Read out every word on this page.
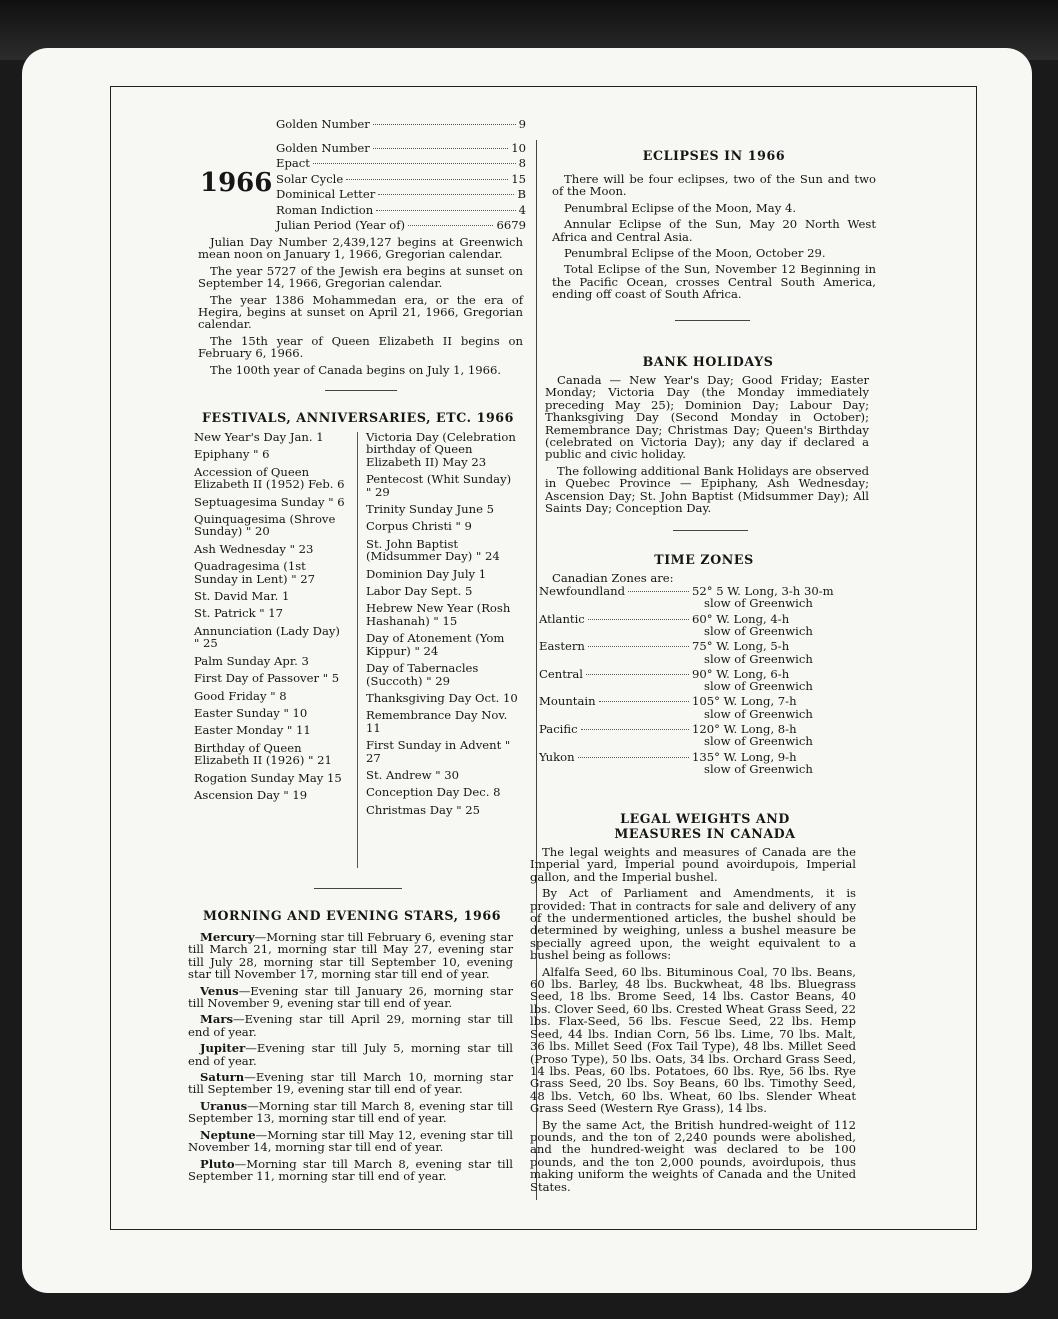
Golden Number	9
1966
Golden Number	10
Epact	8
Solar Cycle	15
Dominical Letter	B
Roman Indiction	4
Julian Period (Year of)	6679

Julian Day Number 2,439,127 begins at Greenwich mean noon on January 1, 1966, Gregorian calendar.

The year 5727 of the Jewish era begins at sunset on September 14, 1966, Gregorian calendar.

The year 1386 Mohammedan era, or the era of Hegira, begins at sunset on April 21, 1966, Gregorian calendar.

The 15th year of Queen Elizabeth II begins on February 6, 1966.

The 100th year of Canada begins on July 1, 1966.

FESTIVALS, ANNIVERSARIES, ETC. 1966

New Year's Day Jan. 1

Epiphany " 6

Accession of Queen Elizabeth II (1952) Feb. 6

Septuagesima Sunday " 6

Quinquagesima (Shrove Sunday) " 20

Ash Wednesday " 23

Quadragesima (1st Sunday in Lent) " 27

St. David Mar. 1

St. Patrick " 17

Annunciation (Lady Day) " 25

Palm Sunday Apr. 3

First Day of Passover " 5

Good Friday " 8

Easter Sunday " 10

Easter Monday " 11

Birthday of Queen Elizabeth II (1926) " 21

Rogation Sunday May 15

Ascension Day " 19

Victoria Day (Celebration birthday of Queen Elizabeth II) May 23

Pentecost (Whit Sunday) " 29

Trinity Sunday June 5

Corpus Christi " 9

St. John Baptist (Midsummer Day) " 24

Dominion Day July 1

Labor Day Sept. 5

Hebrew New Year (Rosh Hashanah) " 15

Day of Atonement (Yom Kippur) " 24

Day of Tabernacles (Succoth) " 29

Thanksgiving Day Oct. 10

Remembrance Day Nov. 11

First Sunday in Advent " 27

St. Andrew " 30

Conception Day Dec. 8

Christmas Day " 25

MORNING AND EVENING STARS, 1966

Mercury—Morning star till February 6, evening star till March 21, morning star till May 27, evening star till July 28, morning star till September 10, evening star till November 17, morning star till end of year.

Venus—Evening star till January 26, morning star till November 9, evening star till end of year.

Mars—Evening star till April 29, morning star till end of year.

Jupiter—Evening star till July 5, morning star till end of year.

Saturn—Evening star till March 10, morning star till September 19, evening star till end of year.

Uranus—Morning star till March 8, evening star till September 13, morning star till end of year.

Neptune—Morning star till May 12, evening star till November 14, morning star till end of year.

Pluto—Morning star till March 8, evening star till September 11, morning star till end of year.

ECLIPSES IN 1966

There will be four eclipses, two of the Sun and two of the Moon.

Penumbral Eclipse of the Moon, May 4.

Annular Eclipse of the Sun, May 20 North West Africa and Central Asia.

Penumbral Eclipse of the Moon, October 29.

Total Eclipse of the Sun, November 12 Beginning in the Pacific Ocean, crosses Central South America, ending off coast of South Africa.

BANK HOLIDAYS

Canada — New Year's Day; Good Friday; Easter Monday; Victoria Day (the Monday immediately preceding May 25); Dominion Day; Labour Day; Thanksgiving Day (Second Monday in October); Remembrance Day; Christmas Day; Queen's Birthday (celebrated on Victoria Day); any day if declared a public and civic holiday.

The following additional Bank Holidays are observed in Quebec Province — Epiphany, Ash Wednesday; Ascension Day; St. John Baptist (Midsummer Day); All Saints Day; Conception Day.

TIME ZONES
Canadian Zones are:
Newfoundland	52° 5 W. Long, 3-h 30-m
slow of Greenwich
Atlantic	60° W. Long, 4-h
slow of Greenwich
Eastern	75° W. Long, 5-h
slow of Greenwich
Central	90° W. Long, 6-h
slow of Greenwich
Mountain	105° W. Long, 7-h
slow of Greenwich
Pacific	120° W. Long, 8-h
slow of Greenwich
Yukon	135° W. Long, 9-h
slow of Greenwich
LEGAL WEIGHTS AND MEASURES IN CANADA

The legal weights and measures of Canada are the Imperial yard, Imperial pound avoirdupois, Imperial gallon, and the Imperial bushel.

By Act of Parliament and Amendments, it is provided: That in contracts for sale and delivery of any of the undermentioned articles, the bushel should be determined by weighing, unless a bushel measure be specially agreed upon, the weight equivalent to a bushel being as follows:

Alfalfa Seed, 60 lbs. Bituminous Coal, 70 lbs. Beans, 60 lbs. Barley, 48 lbs. Buckwheat, 48 lbs. Bluegrass Seed, 18 lbs. Brome Seed, 14 lbs. Castor Beans, 40 lbs. Clover Seed, 60 lbs. Crested Wheat Grass Seed, 22 lbs. Flax-Seed, 56 lbs. Fescue Seed, 22 lbs. Hemp Seed, 44 lbs. Indian Corn, 56 lbs. Lime, 70 lbs. Malt, 36 lbs. Millet Seed (Fox Tail Type), 48 lbs. Millet Seed (Proso Type), 50 lbs. Oats, 34 lbs. Orchard Grass Seed, 14 lbs. Peas, 60 lbs. Potatoes, 60 lbs. Rye, 56 lbs. Rye Grass Seed, 20 lbs. Soy Beans, 60 lbs. Timothy Seed, 48 lbs. Vetch, 60 lbs. Wheat, 60 lbs. Slender Wheat Grass Seed (Western Rye Grass), 14 lbs.

By the same Act, the British hundred-weight of 112 pounds, and the ton of 2,240 pounds were abolished, and the hundred-weight was declared to be 100 pounds, and the ton 2,000 pounds, avoirdupois, thus making uniform the weights of Canada and the United States.
